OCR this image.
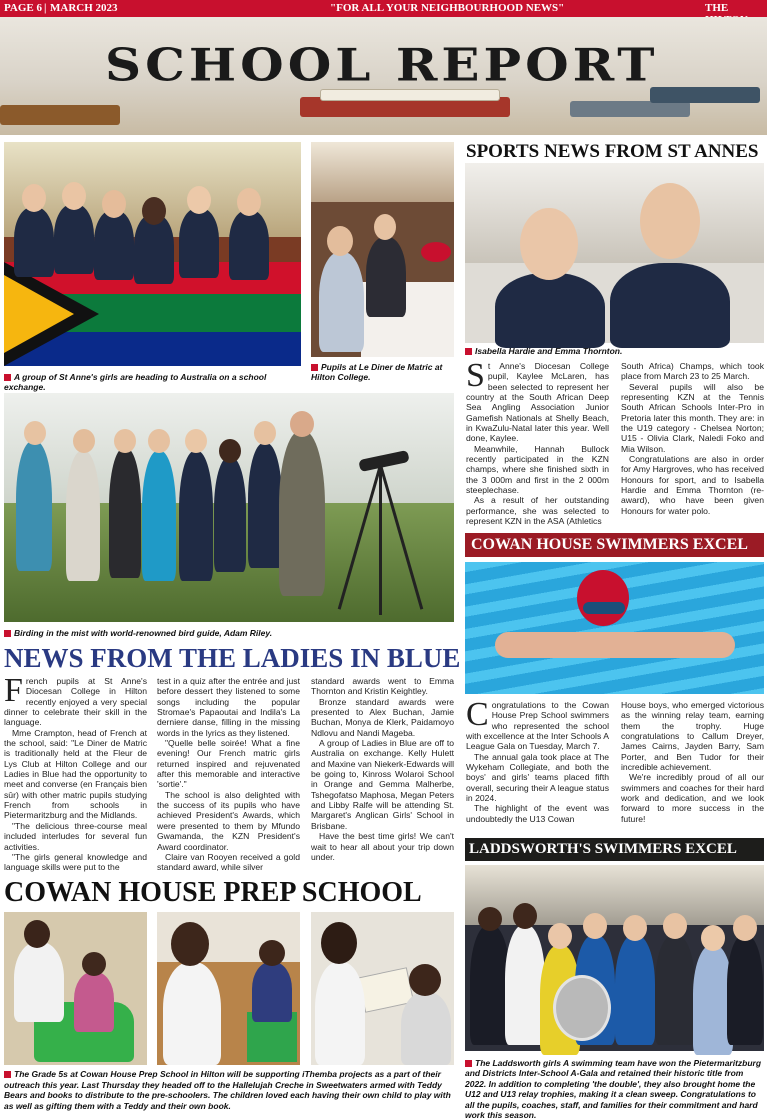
PAGE 6 MARCH 2023
|	"FOR ALL YOUR NEIGHBOURHOOD NEWS"	THE
SCHOOL REPORT
A group of St Anne's girls are heading to Australia on a school exchange.
Pupils at Le Diner de Matric at Hilton College.
Birding in the mist with world-renowned bird guide, Adam Riley.
NEWS FROM THE LADIES IN BLUE

French pupils at St Anne's Diocesan College in Hilton recently enjoyed a very special dinner to celebrate their skill in the language.

Mme Crampton, head of French at the school, said: "Le Diner de Matric is traditionally held at the Fleur de Lys Club at Hilton College and our Ladies in Blue had the opportunity to meet and converse (en Français bien sûr) with other matric pupils studying French from schools in Pietermaritzburg and the Midlands.

"The delicious three-course meal included interludes for several fun activities.

"The girls general knowledge and language skills were put to the

test in a quiz after the entrée and just before dessert they listened to some songs including the popular Stromae's Papaoutai and Indila's La derniere danse, filling in the missing words in the lyrics as they listened.

"Quelle belle soirée! What a fine evening! Our French matric girls returned inspired and rejuvenated after this memorable and interactive 'sortie'."

The school is also delighted with the success of its pupils who have achieved President's Awards, which were presented to them by Mfundo Gwamanda, the KZN President's Award coordinator.

Claire van Rooyen received a gold standard award, while silver

standard awards went to Emma Thornton and Kristin Keightley.

Bronze standard awards were presented to Alex Buchan, Jamie Buchan, Monya de Klerk, Paidamoyo Ndlovu and Nandi Mageba.

A group of Ladies in Blue are off to Australia on exchange. Kelly Hulett and Maxine van Niekerk-Edwards will be going to, Kinross Wolaroi School in Orange and Gemma Malherbe, Tshegofatso Maphosa, Megan Peters and Libby Ralfe will be attending St. Margaret's Anglican Girls' School in Brisbane.

Have the best time girls! We can't wait to hear all about your trip down under.

COWAN HOUSE PREP SCHOOL
The Grade 5s at Cowan House Prep School in Hilton will be supporting iThemba projects as a part of their outreach this year. Last Thursday they headed off to the Hallelujah Creche in Sweetwaters armed with Teddy Bears and books to distribute to the pre-schoolers. The children loved each having their own child to play with as well as gifting them with a Teddy and their own book.
SPORTS NEWS FROM ST ANNES
Isabella Hardie and Emma Thornton.

St Anne's Diocesan College pupil, Kaylee McLaren, has been selected to represent her country at the South African Deep Sea Angling Association Junior Gamefish Nationals at Shelly Beach, in KwaZulu-Natal later this year. Well done, Kaylee.

Meanwhile, Hannah Bullock recently participated in the KZN champs, where she finished sixth in the 3 000m and first in the 2 000m steeplechase.

As a result of her outstanding performance, she was selected to represent KZN in the ASA (Athletics

South Africa) Champs, which took place from March 23 to 25 March.

Several pupils will also be representing KZN at the Tennis South African Schools Inter-Pro in Pretoria later this month. They are: in the U19 category - Chelsea Norton; U15 - Olivia Clark, Naledi Foko and Mia Wilson.

Congratulations are also in order for Amy Hargroves, who has received Honours for sport, and to Isabella Hardie and Emma Thornton (re-award), who have been given Honours for water polo.

COWAN HOUSE SWIMMERS EXCEL

Congratulations to the Cowan House Prep School swimmers who represented the school with excellence at the Inter Schools A League Gala on Tuesday, March 7.

The annual gala took place at The Wykeham Collegiate, and both the boys' and girls' teams placed fifth overall, securing their A league status in 2024.

The highlight of the event was undoubtedly the U13 Cowan

House boys, who emerged victorious as the winning relay team, earning them the trophy. Huge congratulations to Callum Dreyer, James Cairns, Jayden Barry, Sam Porter, and Ben Tudor for their incredible achievement.

We're incredibly proud of all our swimmers and coaches for their hard work and dedication, and we look forward to more success in the future!

LADDSWORTH'S SWIMMERS EXCEL
The Laddsworth girls A swimming team have won the Pietermaritzburg and Districts Inter-School A-Gala and retained their historic title from 2022. In addition to completing 'the double', they also brought home the U12 and U13 relay trophies, making it a clean sweep. Congratulations to all the pupils, coaches, staff, and families for their commitment and hard work this season.
